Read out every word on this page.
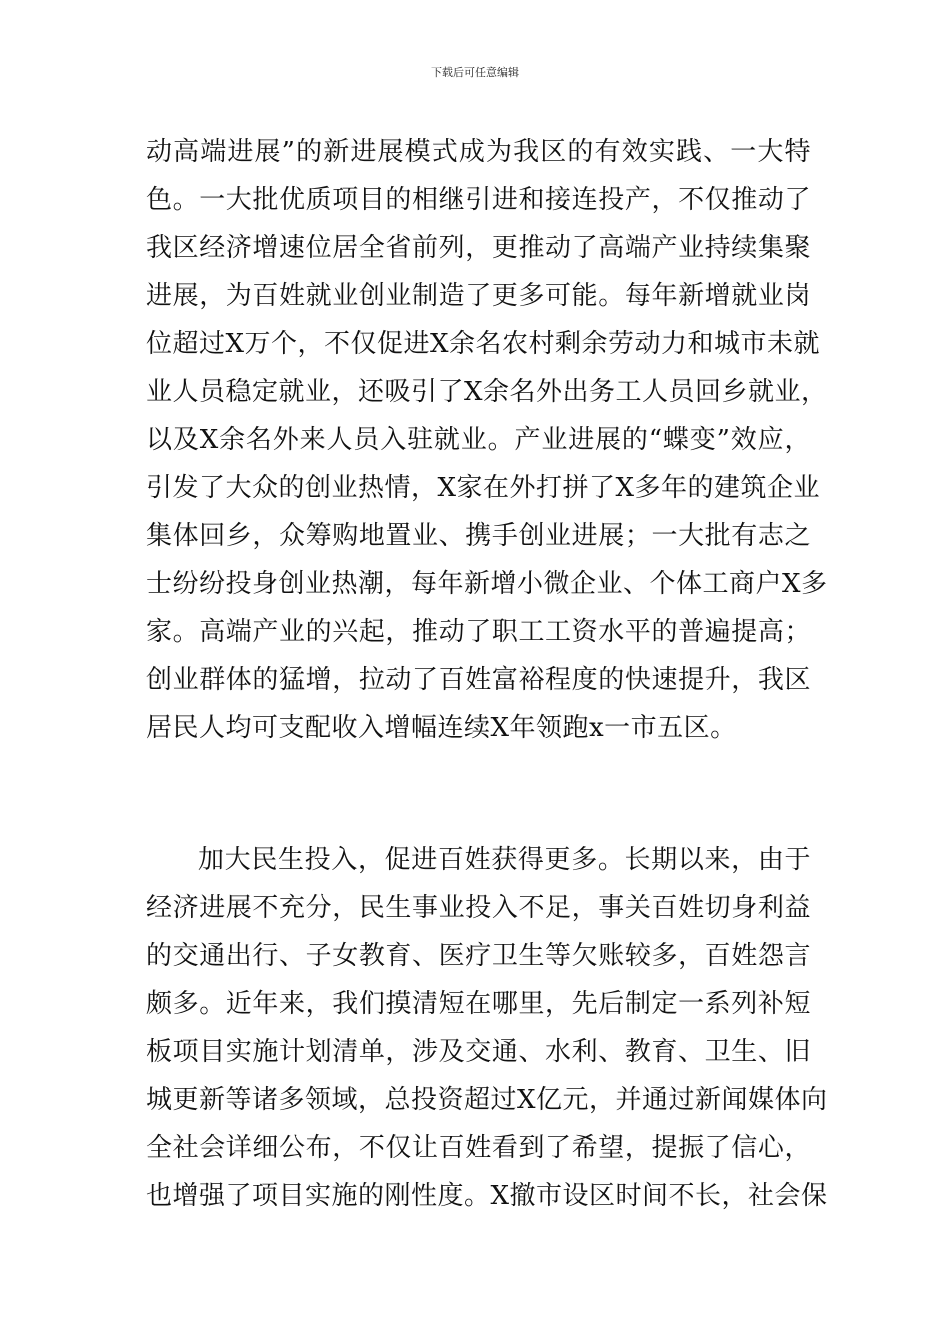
下载后可任意编辑
动高端进展”的新进展模式成为我区的有效实践、一大特
色。一大批优质项目的相继引进和接连投产，不仅推动了
我区经济增速位居全省前列，更推动了高端产业持续集聚
进展，为百姓就业创业制造了更多可能。每年新增就业岗
位超过X万个，不仅促进X余名农村剩余劳动力和城市未就
业人员稳定就业，还吸引了X余名外出务工人员回乡就业，
以及X余名外来人员入驻就业。产业进展的“蝶变”效应，
引发了大众的创业热情，X家在外打拼了X多年的建筑企业
集体回乡，众筹购地置业、携手创业进展；一大批有志之
士纷纷投身创业热潮，每年新增小微企业、个体工商户X多
家。高端产业的兴起，推动了职工工资水平的普遍提高；
创业群体的猛增，拉动了百姓富裕程度的快速提升，我区
居民人均可支配收入增幅连续X年领跑x一市五区。
加大民生投入，促进百姓获得更多。长期以来，由于
经济进展不充分，民生事业投入不足，事关百姓切身利益
的交通出行、子女教育、医疗卫生等欠账较多，百姓怨言
颇多。近年来，我们摸清短在哪里，先后制定一系列补短
板项目实施计划清单，涉及交通、水利、教育、卫生、旧
城更新等诸多领域，总投资超过X亿元，并通过新闻媒体向
全社会详细公布，不仅让百姓看到了希望，提振了信心，
也增强了项目实施的刚性度。X撤市设区时间不长，社会保
